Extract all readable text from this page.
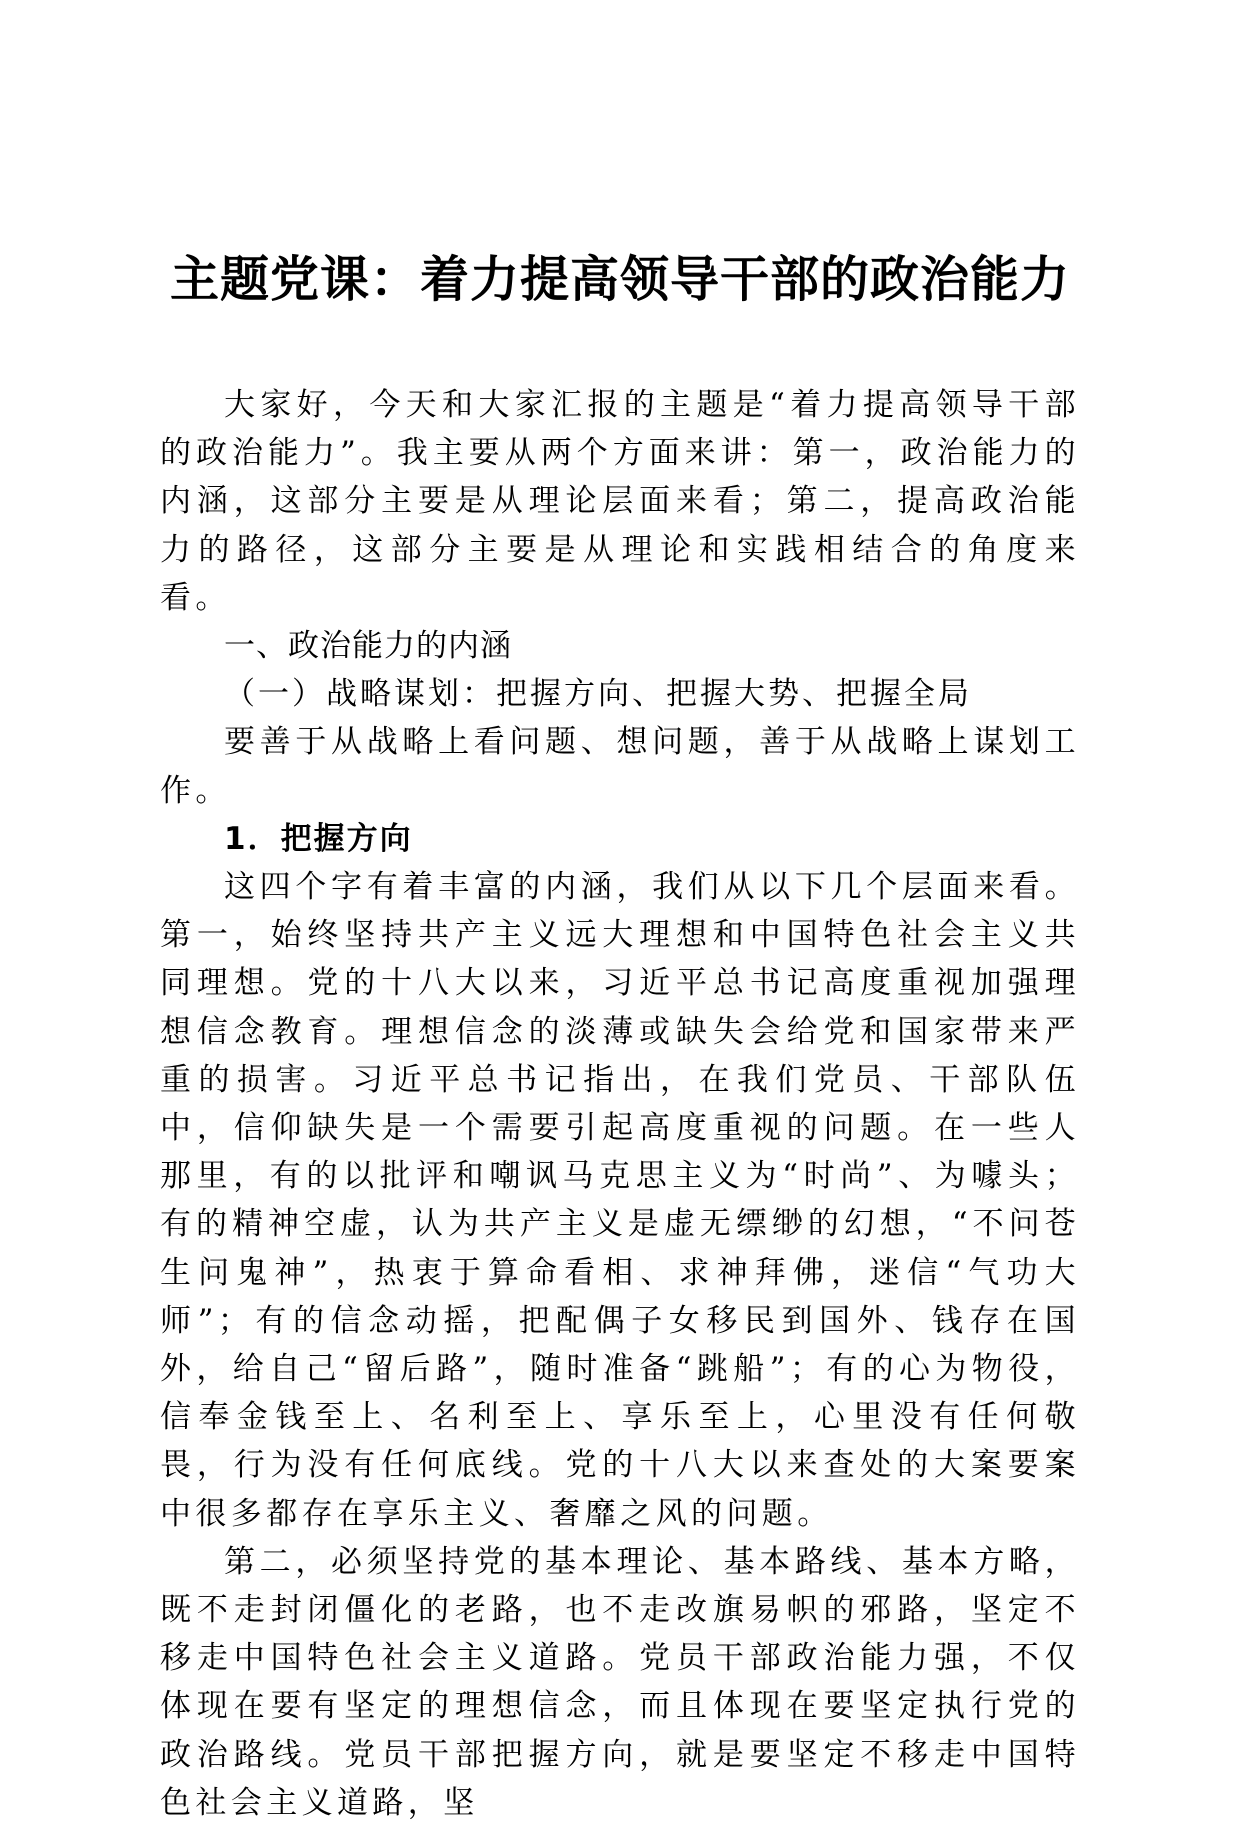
主题党课：着力提高领导干部的政治能力

大家好，今天和大家汇报的主题是“着力提高领导干部的政治能力”。我主要从两个方面来讲：第一，政治能力的内涵，这部分主要是从理论层面来看；第二，提高政治能力的路径，这部分主要是从理论和实践相结合的角度来看。

一、政治能力的内涵

（一）战略谋划：把握方向、把握大势、把握全局

要善于从战略上看问题、想问题，善于从战略上谋划工作。

1．把握方向

这四个字有着丰富的内涵，我们从以下几个层面来看。第一，始终坚持共产主义远大理想和中国特色社会主义共同理想。党的十八大以来，习近平总书记高度重视加强理想信念教育。理想信念的淡薄或缺失会给党和国家带来严重的损害。习近平总书记指出，在我们党员、干部队伍中，信仰缺失是一个需要引起高度重视的问题。在一些人那里，有的以批评和嘲讽马克思主义为“时尚”、为噱头；有的精神空虚，认为共产主义是虚无缥缈的幻想，“不问苍生问鬼神”，热衷于算命看相、求神拜佛，迷信“气功大师”；有的信念动摇，把配偶子女移民到国外、钱存在国外，给自己“留后路”，随时准备“跳船”；有的心为物役，信奉金钱至上、名利至上、享乐至上，心里没有任何敬畏，行为没有任何底线。党的十八大以来查处的大案要案中很多都存在享乐主义、奢靡之风的问题。

第二，必须坚持党的基本理论、基本路线、基本方略，既不走封闭僵化的老路，也不走改旗易帜的邪路，坚定不移走中国特色社会主义道路。党员干部政治能力强，不仅体现在要有坚定的理想信念，而且体现在要坚定执行党的政治路线。党员干部把握方向，就是要坚定不移走中国特色社会主义道路，坚
